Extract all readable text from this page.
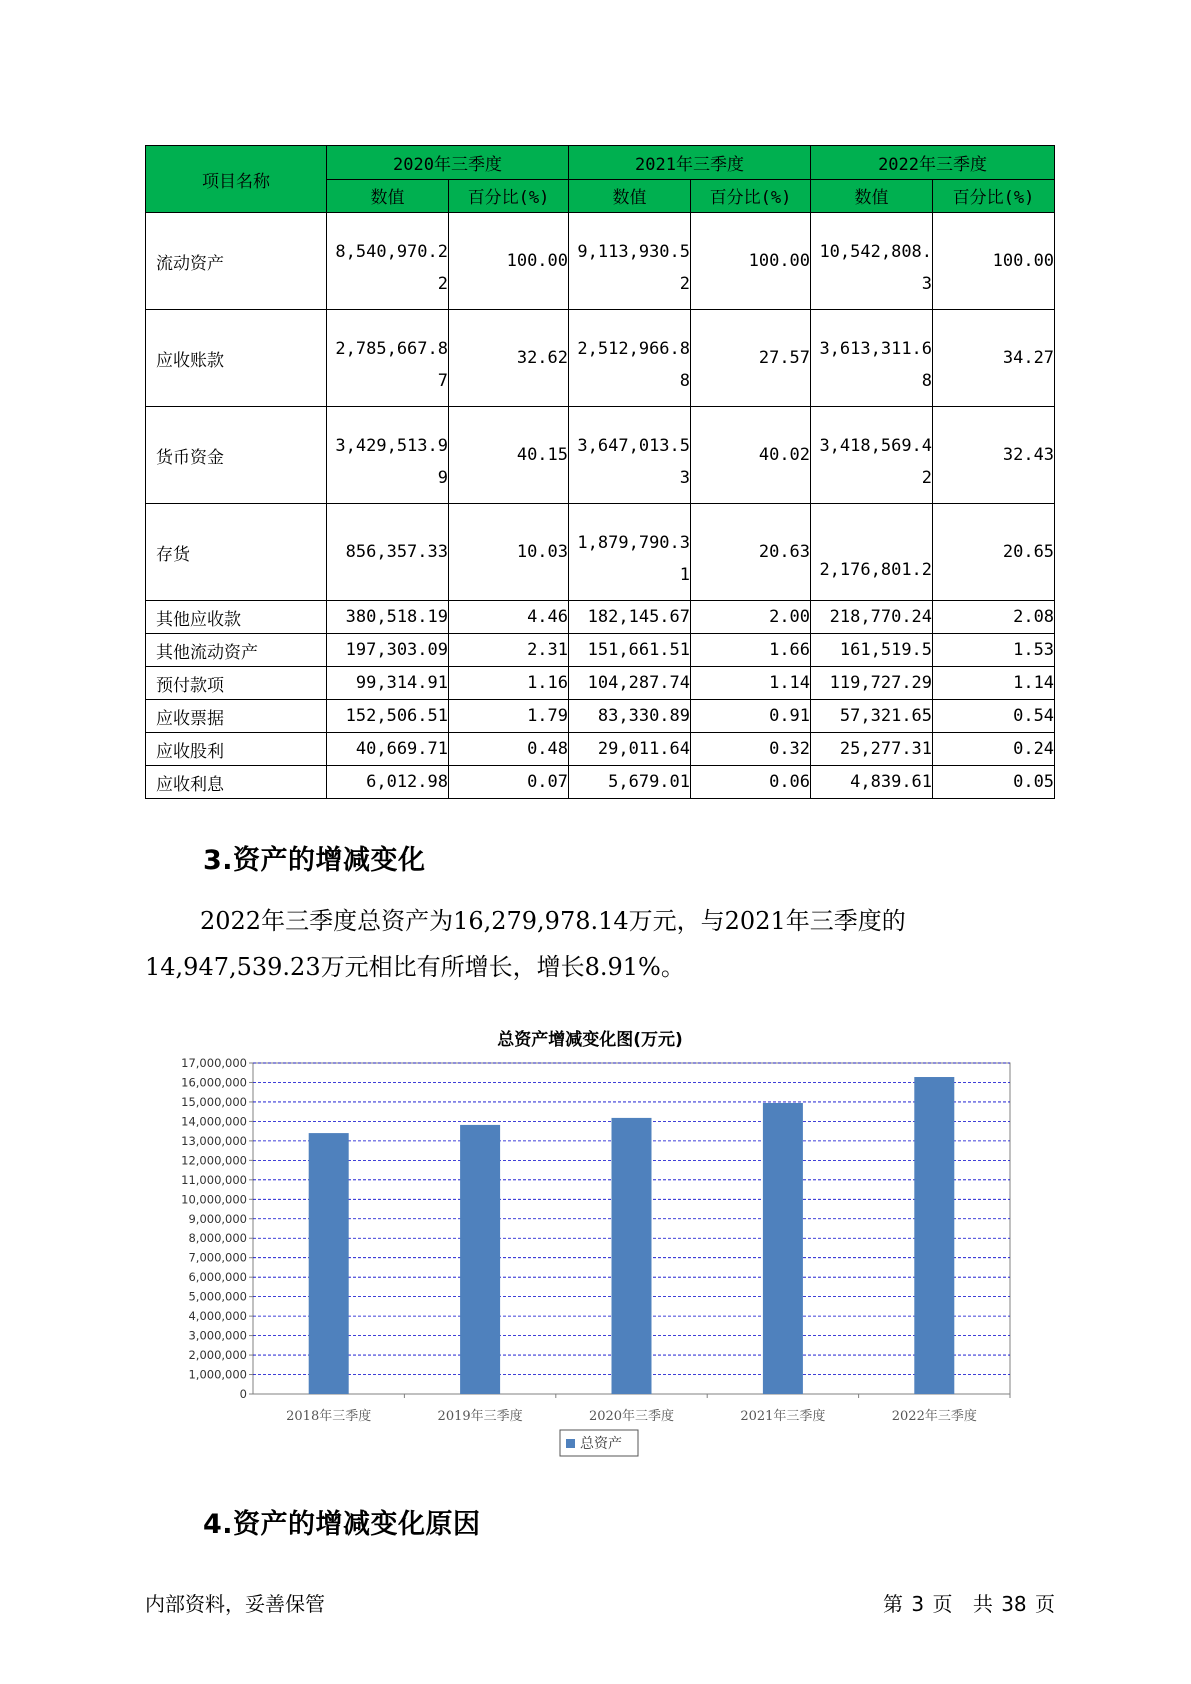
项目名称	2020年三季度		2021年三季度		2022年三季度	
	数值	百分比(%)	数值	百分比(%)	数值	百分比(%)
流动资产	8,540,970.22	100.00	9,113,930.52	100.00	10,542,808.3	100.00

应收账款	2,785,667.87	32.62	2,512,966.88	27.57	3,613,311.68	34.27

货币资金	3,429,513.99	40.15	3,647,013.53	40.02	3,418,569.42	32.43

存货	856,357.33	10.03	1,879,790.31	20.63	2,176,801.2	20.65

其他应收款	380,518.19	4.46	182,145.67	2.00	218,770.24	2.08

其他流动资产	197,303.09	2.31	151,661.51	1.66	161,519.5	1.53

预付款项	99,314.91	1.16	104,287.74	1.14	119,727.29	1.14

应收票据	152,506.51	1.79	83,330.89	0.91	57,321.65	0.54

应收股利	40,669.71	0.48	29,011.64	0.32	25,277.31	0.24

应收利息	6,012.98	0.07	5,679.01	0.06	4,839.61	0.05
3.资产的增减变化
2022年三季度总资产为16,279,978.14万元，与2021年三季度的
14,947,539.23万元相比有所增长，增长8.91%。
总资产增减变化图(万元)
0
1,000,000
2,000,000
3,000,000
4,000,000
5,000,000
6,000,000
7,000,000
8,000,000
9,000,000
10,000,000
11,000,000
12,000,000
13,000,000
14,000,000
15,000,000
16,000,000
17,000,000
2018年三季度	2019年三季度	2020年三季度	2021年三季度	2022年三季度
总资产
4.资产的增减变化原因
内部资料，妥善保管	第 3 页 共 38 页
